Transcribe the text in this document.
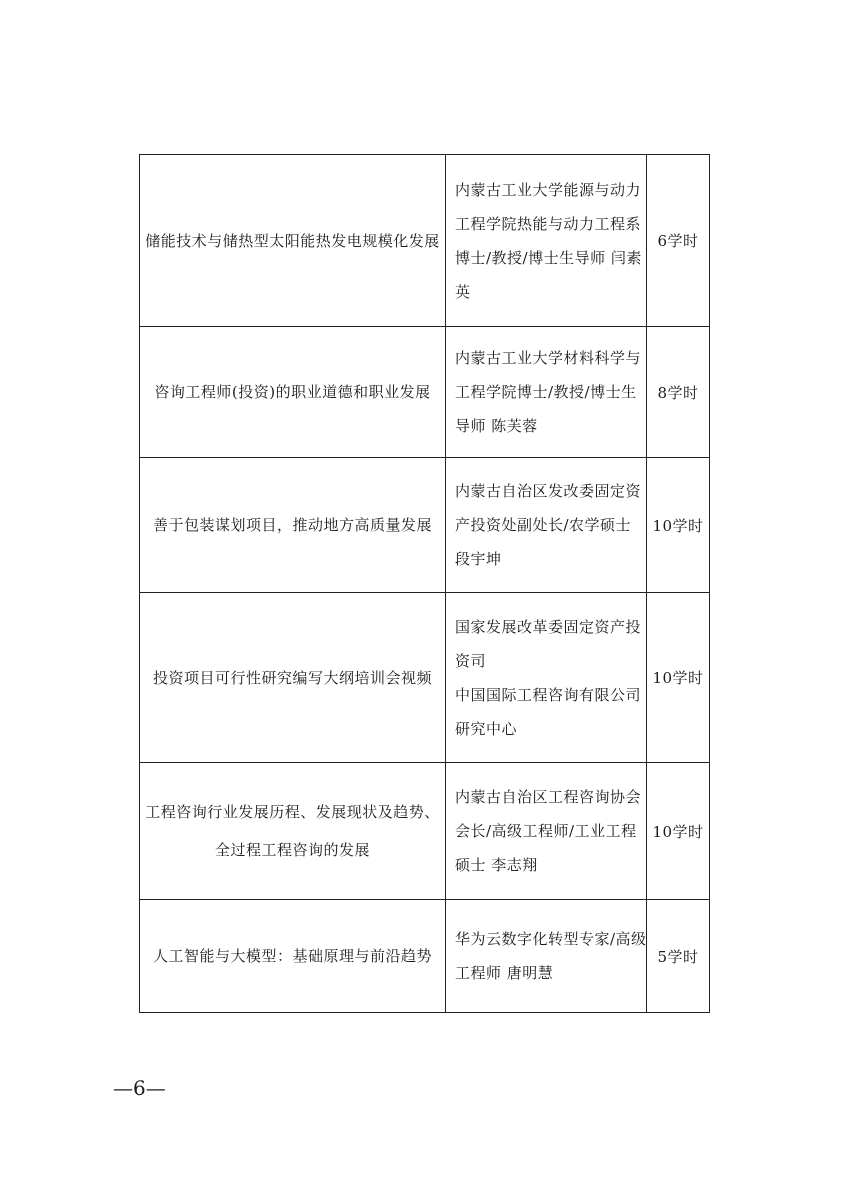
储能技术与储热型太阳能热发电规模化发展	内蒙古工业大学能源与动力
工程学院热能与动力工程系
博士/教授/博士生导师 闫素
英	6学时
咨询工程师(投资)的职业道德和职业发展	内蒙古工业大学材料科学与
工程学院博士/教授/博士生
导师 陈芙蓉	8学时
善于包装谋划项目，推动地方高质量发展	内蒙古自治区发改委固定资
产投资处副处长/农学硕士
段宇坤	10学时
投资项目可行性研究编写大纲培训会视频	国家发展改革委固定资产投
资司
中国国际工程咨询有限公司
研究中心	10学时
工程咨询行业发展历程、发展现状及趋势、
全过程工程咨询的发展	内蒙古自治区工程咨询协会
会长/高级工程师/工业工程
硕士 李志翔	10学时
人工智能与大模型：基础原理与前沿趋势	华为云数字化转型专家/高级
工程师 唐明慧	5学时
—6—
